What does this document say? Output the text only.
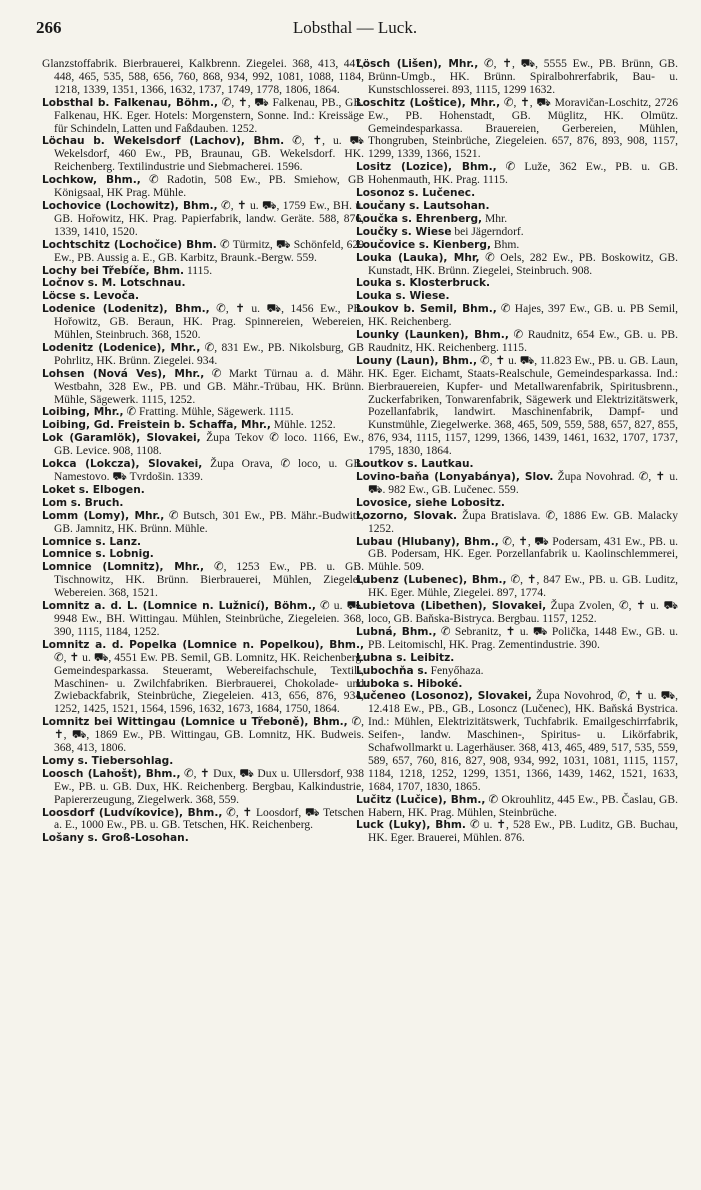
266	Lobsthal — Luck.

Glanzstoffabrik. Bierbrauerei, Kalkbrenn. Ziegelei. 368, 413, 447, 448, 465, 535, 588, 656, 760, 868, 934, 992, 1081, 1088, 1184, 1218, 1339, 1351, 1366, 1632, 1737, 1749, 1778, 1806, 1864.

Lobsthal b. Falkenau, Böhm., ✆, ✝, ⛟ Falkenau, PB., GB. Falkenau, HK. Eger. Hotels: Morgenstern, Sonne. Ind.: Kreissäge für Schindeln, Latten und Faßdauben. 1252.

Löchau b. Wekelsdorf (Lachov), Bhm. ✆, ✝, u. ⛟ Wekelsdorf, 460 Ew., PB, Braunau, GB. Wekelsdorf. HK. Reichenberg. Textilindustrie und Siebmacherei. 1596.

Lochkow, Bhm., ✆ Radotin, 508 Ew., PB. Smiehow, GB Königsaal, HK Prag. Mühle.

Lochovice (Lochowitz), Bhm., ✆, ✝ u. ⛟, 1759 Ew., BH. u. GB. Hořowitz, HK. Prag. Papierfabrik, landw. Geräte. 588, 876, 1339, 1410, 1520.

Lochtschitz (Lochočice) Bhm. ✆ Türmitz, ⛟ Schönfeld, 629 Ew., PB. Aussig a. E., GB. Karbitz, Braunk.-Bergw. 559.

Lochy bei Třebíče, Bhm. 1115.

Ločnov s. M. Lotschnau.

Löcse s. Levoča.

Lodenice (Lodenitz), Bhm., ✆, ✝ u. ⛟, 1456 Ew., PB. Hořowitz, GB. Beraun, HK. Prag. Spinnereien, Webereien, Mühlen, Steinbruch. 368, 1520.

Lodenitz (Lodenice), Mhr., ✆, 831 Ew., PB. Nikolsburg, GB Pohrlitz, HK. Brünn. Ziegelei. 934.

Lohsen (Nová Ves), Mhr., ✆ Markt Türnau a. d. Mähr. Westbahn, 328 Ew., PB. und GB. Mähr.-Trübau, HK. Brünn. Mühle, Sägewerk. 1115, 1252.

Loibing, Mhr., ✆ Fratting. Mühle, Sägewerk. 1115.

Loibing, Gd. Freistein b. Schaffa, Mhr., Mühle. 1252.

Lok (Garamlök), Slovakei, Župa Tekov ✆ loco. 1166, Ew., GB. Levice. 908, 1108.

Lokca (Lokcza), Slovakei, Župa Orava, ✆ loco, u. GB. Namestovo. ⛟ Tvrdošin. 1339.

Loket s. Elbogen.

Lom s. Bruch.

Lomm (Lomy), Mhr., ✆ Butsch, 301 Ew., PB. Mähr.-Budwitz, GB. Jamnitz, HK. Brünn. Mühle.

Lomnice s. Lanz.

Lomnice s. Lobnig.

Lomnice (Lomnitz), Mhr., ✆, 1253 Ew., PB. u. GB. Tischnowitz, HK. Brünn. Bierbrauerei, Mühlen, Ziegelei, Webereien. 368, 1521.

Lomnitz a. d. L. (Lomnice n. Lužnicí), Böhm., ✆ u. ⛟. 9948 Ew., BH. Wittingau. Mühlen, Steinbrüche, Ziegeleien. 368, 390, 1115, 1184, 1252.

Lomnitz a. d. Popelka (Lomnice n. Popelkou), Bhm., ✆, ✝ u. ⛟, 4551 Ew. PB. Semil, GB. Lomnitz, HK. Reichenberg. Gemeindesparkassa. Steueramt, Webereifachschule, Textil-, Maschinen- u. Zwilchfabriken. Bierbrauerei, Chokolade- und Zwiebackfabrik, Steinbrüche, Ziegeleien. 413, 656, 876, 934, 1252, 1425, 1521, 1564, 1596, 1632, 1673, 1684, 1750, 1864.

Lomnitz bei Wittingau (Lomnice u Třeboně), Bhm., ✆, ✝, ⛟, 1869 Ew., PB. Wittingau, GB. Lomnitz, HK. Budweis. 368, 413, 1806.

Lomy s. Tiebersohlag.

Loosch (Lahošt), Bhm., ✆, ✝ Dux, ⛟ Dux u. Ullersdorf, 938 Ew., PB. u. GB. Dux, HK. Reichenberg. Bergbau, Kalkindustrie, Papiererzeugung, Ziegelwerk. 368, 559.

Loosdorf (Ludvíkovice), Bhm., ✆, ✝ Loosdorf, ⛟ Tetschen a. E., 1000 Ew., PB. u. GB. Tetschen, HK. Reichenberg.

Lošany s. Groß-Losohan.

Lösch (Lišen), Mhr., ✆, ✝, ⛟, 5555 Ew., PB. Brünn, GB. Brünn-Umgb., HK. Brünn. Spiralbohrerfabrik, Bau- u. Kunstschlosserei. 893, 1115, 1299 1632.

Loschitz (Loštice), Mhr., ✆, ✝, ⛟ Moravičan-Loschitz, 2726 Ew., PB. Hohenstadt, GB. Müglitz, HK. Olmütz. Gemeindesparkassa. Brauereien, Gerbereien, Mühlen, Thongruben, Steinbrüche, Ziegeleien. 657, 876, 893, 908, 1157, 1299, 1339, 1366, 1521.

Lositz (Lozice), Bhm., ✆ Luže, 362 Ew., PB. u. GB. Hohenmauth, HK. Prag. 1115.

Losonoz s. Lučenec.

Loučany s. Lautsohan.

Loučka s. Ehrenberg, Mhr.

Loučky s. Wiese bei Jägerndorf.

Loučovice s. Kienberg, Bhm.

Louka (Lauka), Mhr, ✆ Oels, 282 Ew., PB. Boskowitz, GB. Kunstadt, HK. Brünn. Ziegelei, Steinbruch. 908.

Louka s. Klosterbruck.

Louka s. Wiese.

Loukov b. Semil, Bhm., ✆ Hajes, 397 Ew., GB. u. PB Semil, HK. Reichenberg.

Lounky (Launken), Bhm., ✆ Raudnitz, 654 Ew., GB. u. PB. Raudnitz, HK. Reichenberg. 1115.

Louny (Laun), Bhm., ✆, ✝ u. ⛟, 11.823 Ew., PB. u. GB. Laun, HK. Eger. Eichamt, Staats-Realschule, Gemeindesparkassa. Ind.: Bierbrauereien, Kupfer- und Metallwarenfabrik, Spiritusbrenn., Zuckerfabriken, Tonwarenfabrik, Sägewerk und Elektrizitätswerk, Pozellanfabrik, landwirt. Maschinenfabrik, Dampf- und Kunstmühle, Ziegelwerke. 368, 465, 509, 559, 588, 657, 827, 855, 876, 934, 1115, 1157, 1299, 1366, 1439, 1461, 1632, 1707, 1737, 1795, 1830, 1864.

Loutkov s. Lautkau.

Lovino-baňa (Lonyabánya), Slov. Župa Novohrad. ✆, ✝ u. ⛟. 982 Ew., GB. Lučenec. 559.

Lovosice, siehe Lobositz.

Lozorno, Slovak. Župa Bratislava. ✆, 1886 Ew. GB. Malacky 1252.

Lubau (Hlubany), Bhm., ✆, ✝, ⛟ Podersam, 431 Ew., PB. u. GB. Podersam, HK. Eger. Porzellanfabrik u. Kaolinschlemmerei, Mühle. 509.

Lubenz (Lubenec), Bhm., ✆, ✝, 847 Ew., PB. u. GB. Luditz, HK. Eger. Mühle, Ziegelei. 897, 1774.

Lubietova (Libethen), Slovakei, Župa Zvolen, ✆, ✝ u. ⛟ loco, GB. Baňska-Bistryca. Bergbau. 1157, 1252.

Lubná, Bhm., ✆ Sebranitz, ✝ u. ⛟ Polička, 1448 Ew., GB. u. PB. Leitomischl, HK. Prag. Zementindustrie. 390.

Lubna s. Leibitz.

Lubochňa s. Fenyőhaza.

Luboka s. Hiboké.

Lučeneo (Losonoz), Slovakei, Župa Novohrod, ✆, ✝ u. ⛟, 12.418 Ew., PB., GB., Losoncz (Lučenec), HK. Baňská Bystrica. Ind.: Mühlen, Elektrizitätswerk, Tuchfabrik. Emailgeschirrfabrik, Seifen-, landw. Maschinen-, Spiritus- u. Likörfabrik, Schafwollmarkt u. Lagerhäuser. 368, 413, 465, 489, 517, 535, 559, 589, 657, 760, 816, 827, 908, 934, 992, 1031, 1081, 1115, 1157, 1184, 1218, 1252, 1299, 1351, 1366, 1439, 1462, 1521, 1633, 1684, 1707, 1830, 1865.

Lučitz (Lučice), Bhm., ✆ Okrouhlitz, 445 Ew., PB. Časlau, GB. Habern, HK. Prag. Mühlen, Steinbrüche.

Luck (Luky), Bhm. ✆ u. ✝, 528 Ew., PB. Luditz, GB. Buchau, HK. Eger. Brauerei, Mühlen. 876.
